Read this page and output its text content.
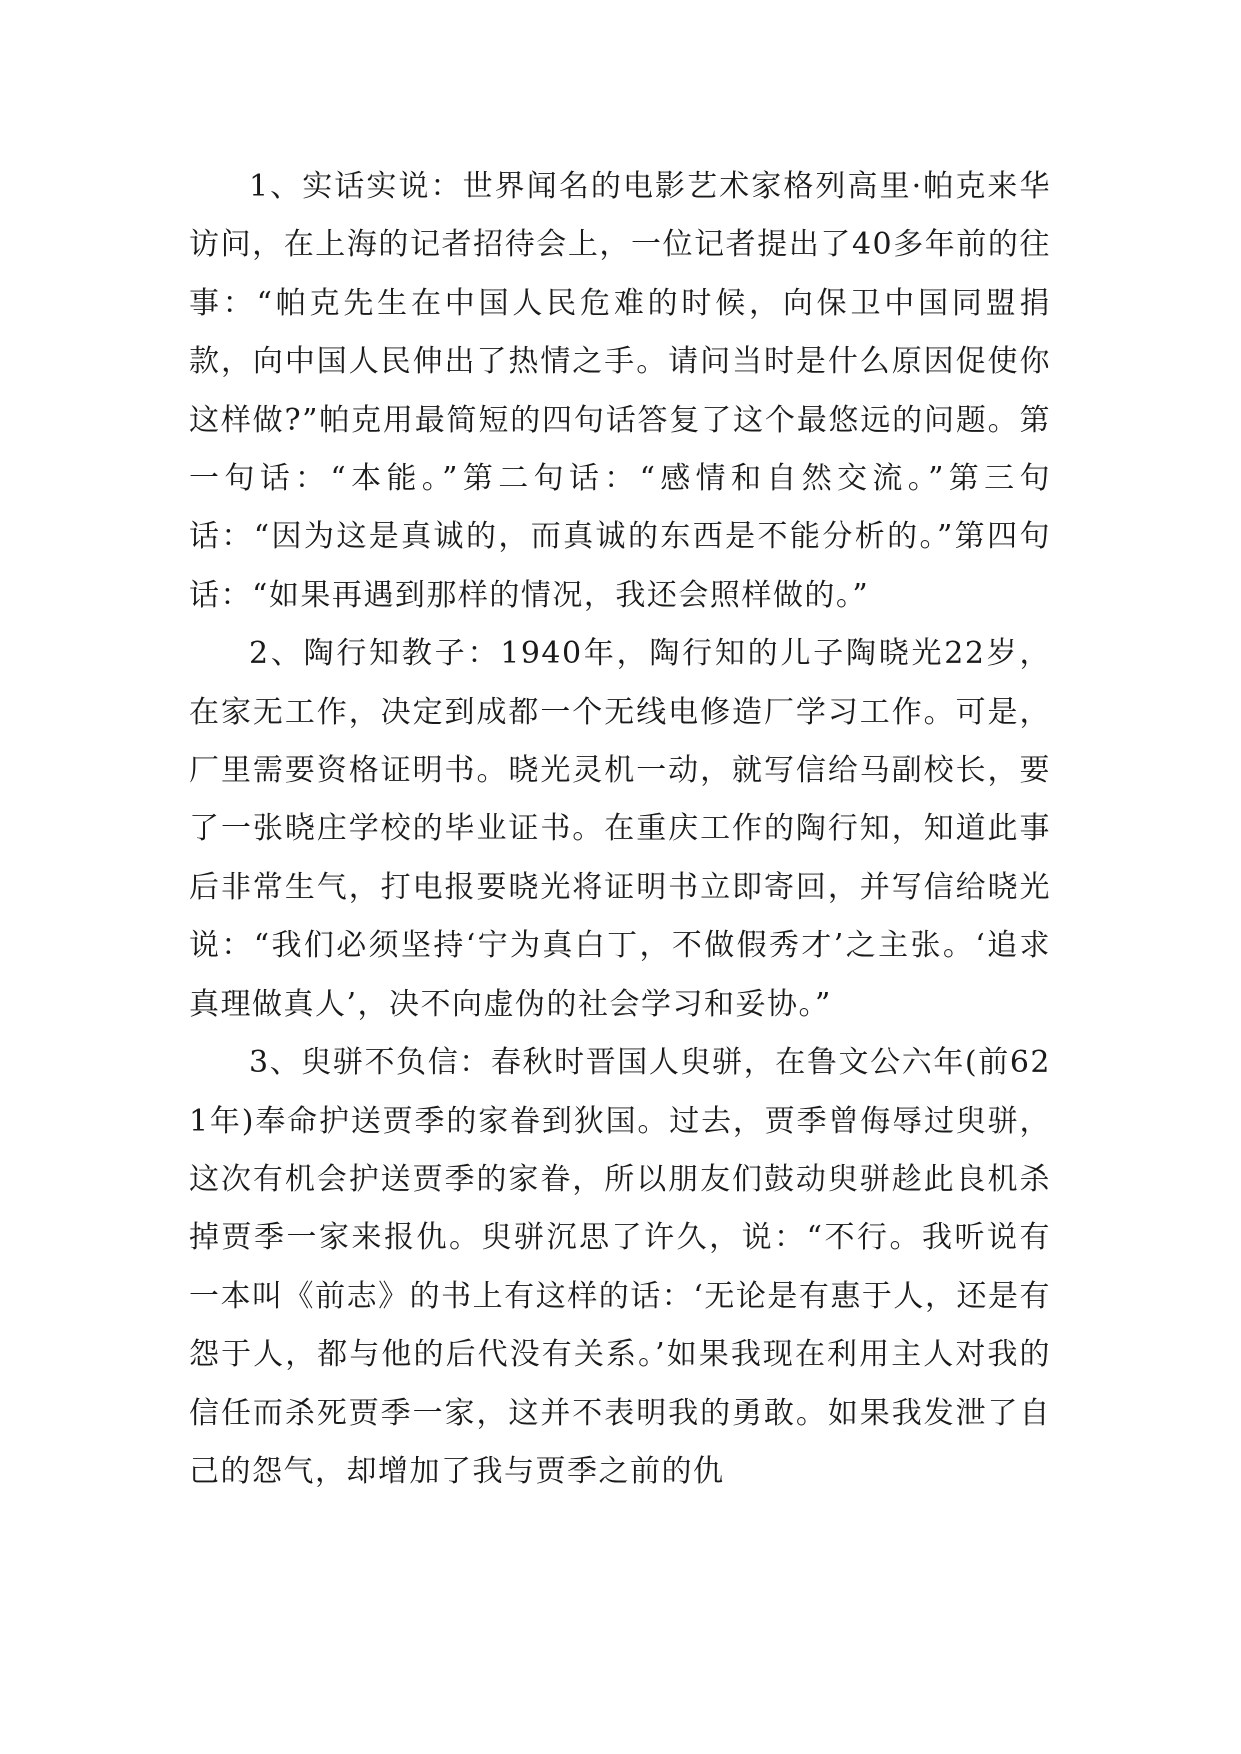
1、实话实说：世界闻名的电影艺术家格列高里·帕克来华访问，在上海的记者招待会上，一位记者提出了40多年前的往事：“帕克先生在中国人民危难的时候，向保卫中国同盟捐款，向中国人民伸出了热情之手。请问当时是什么原因促使你这样做?”帕克用最简短的四句话答复了这个最悠远的问题。第一句话：“本能。”第二句话：“感情和自然交流。”第三句话：“因为这是真诚的，而真诚的东西是不能分析的。”第四句话：“如果再遇到那样的情况，我还会照样做的。”

2、陶行知教子：1940年，陶行知的儿子陶晓光22岁，在家无工作，决定到成都一个无线电修造厂学习工作。可是，厂里需要资格证明书。晓光灵机一动，就写信给马副校长，要了一张晓庄学校的毕业证书。在重庆工作的陶行知，知道此事后非常生气，打电报要晓光将证明书立即寄回，并写信给晓光说：“我们必须坚持‘宁为真白丁，不做假秀才’之主张。‘追求真理做真人’，决不向虚伪的社会学习和妥协。”

3、臾骈不负信：春秋时晋国人臾骈，在鲁文公六年(前621年)奉命护送贾季的家眷到狄国。过去，贾季曾侮辱过臾骈，这次有机会护送贾季的家眷，所以朋友们鼓动臾骈趁此良机杀掉贾季一家来报仇。臾骈沉思了许久，说：“不行。我听说有一本叫《前志》的书上有这样的话：‘无论是有惠于人，还是有怨于人，都与他的后代没有关系。’如果我现在利用主人对我的信任而杀死贾季一家，这并不表明我的勇敢。如果我发泄了自己的怨气，却增加了我与贾季之前的仇
